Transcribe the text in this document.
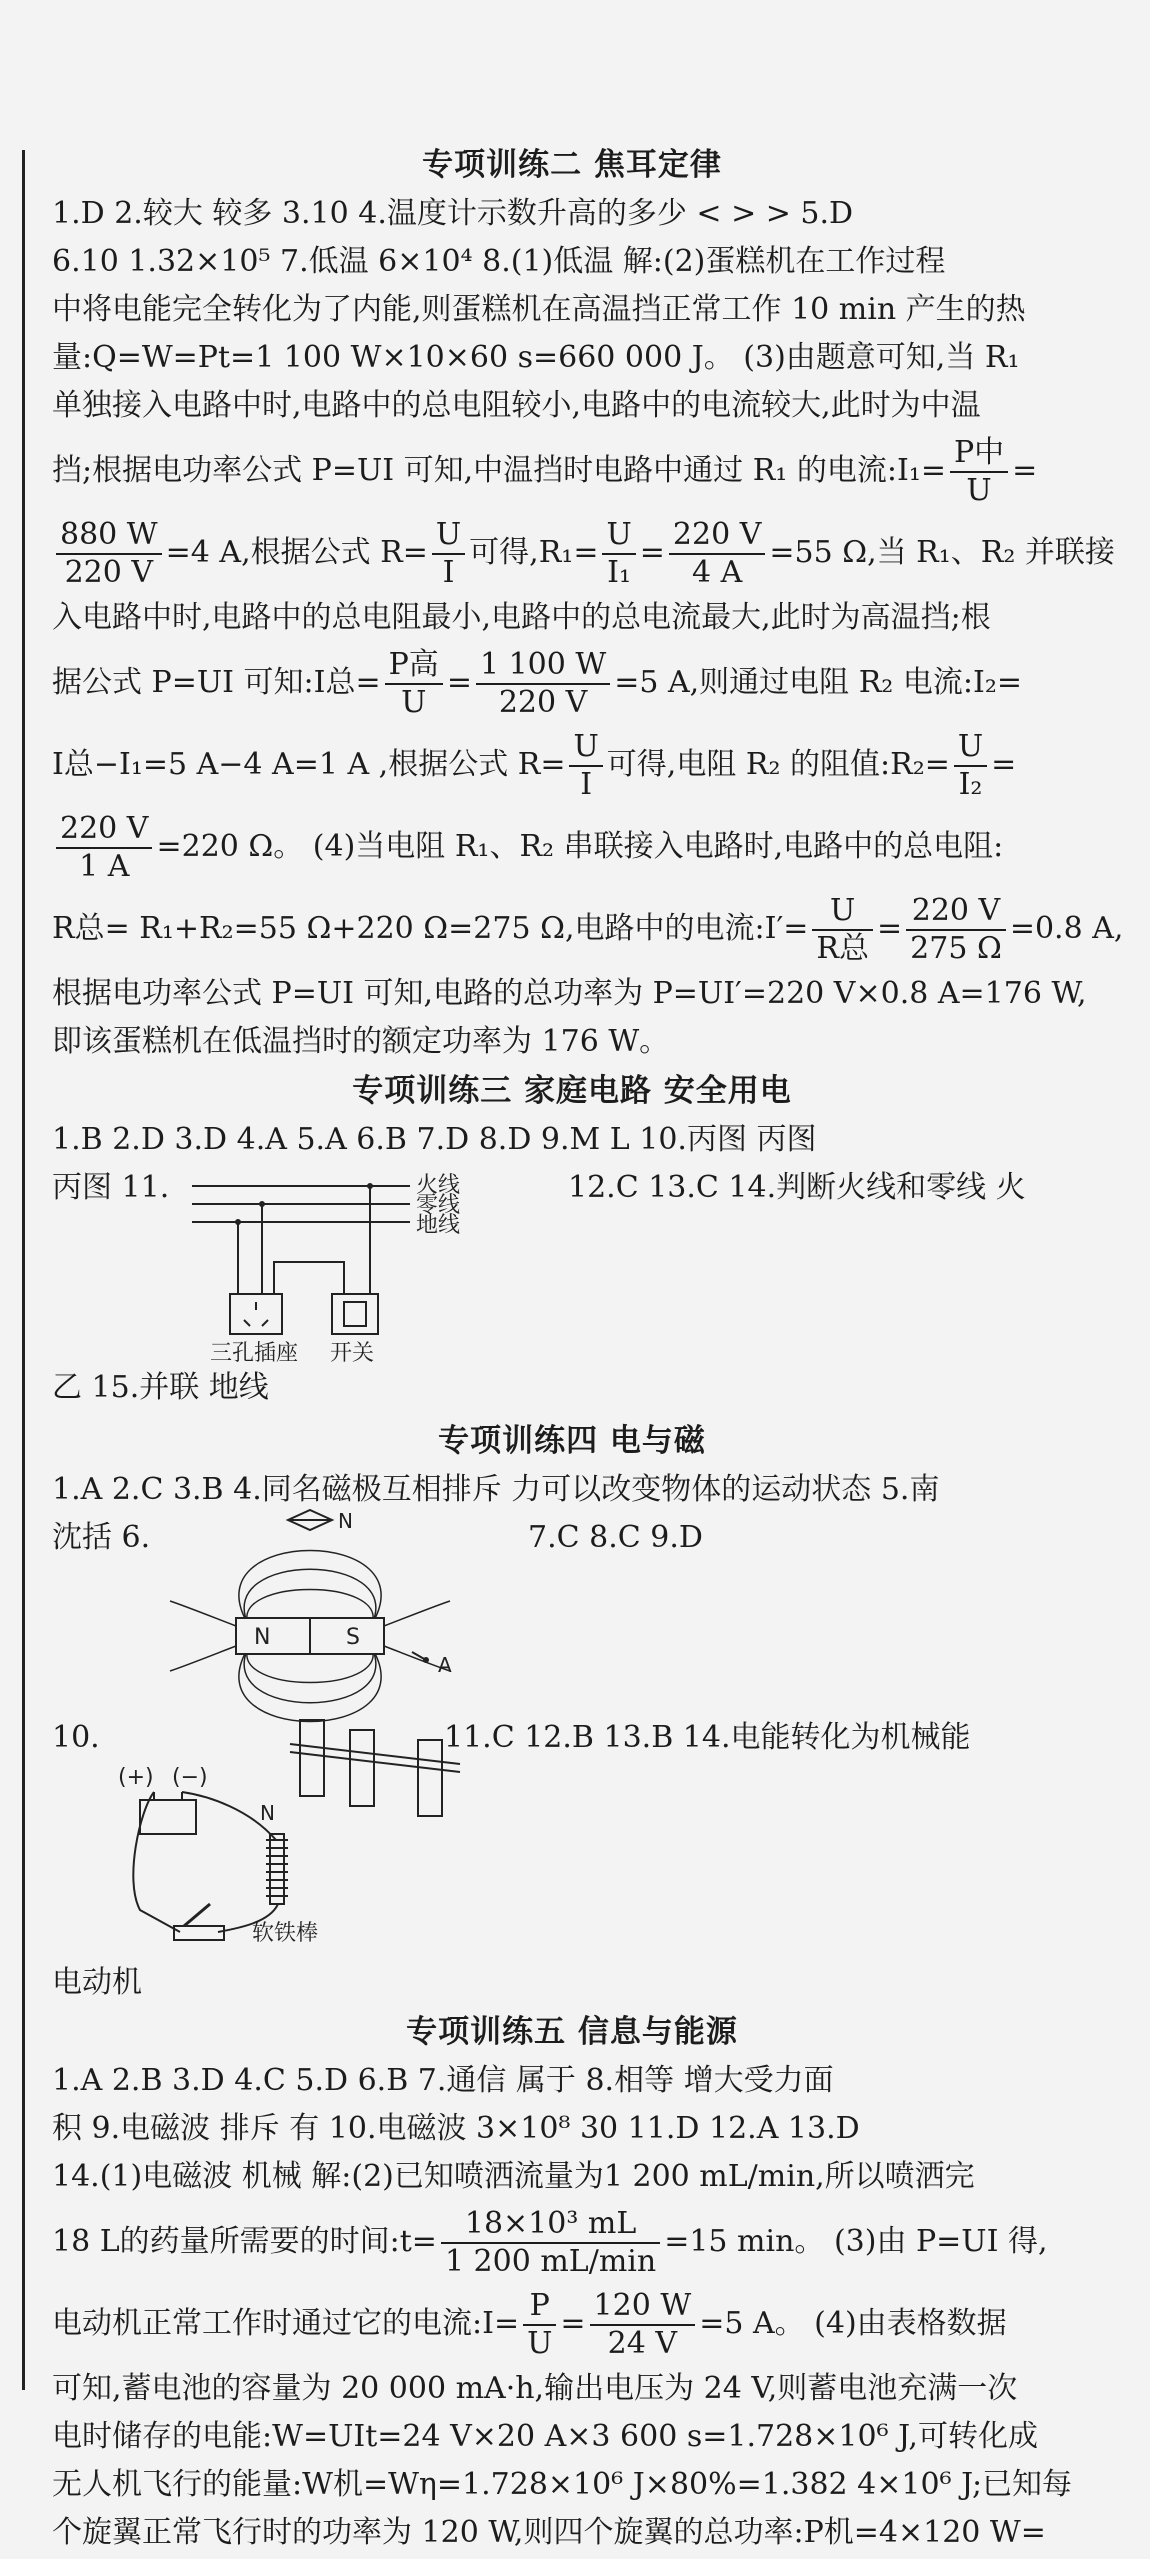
专项训练二 焦耳定律
1.D 2.较大 较多 3.10 4.温度计示数升高的多少 < > > 5.D
6.10 1.32×10⁵ 7.低温 6×10⁴ 8.(1)低温 解:(2)蛋糕机在工作过程
中将电能完全转化为了内能,则蛋糕机在高温挡正常工作 10 min 产生的热
量:Q=W=Pt=1 100 W×10×60 s=660 000 J。 (3)由题意可知,当 R₁
单独接入电路中时,电路中的总电阻较小,电路中的电流较大,此时为中温
挡;根据电功率公式 P=UI 可知,中温挡时电路中通过 R₁ 的电流:I₁= $\frac{\text{P中}}{U}$ =
$\frac{880 W}{220 V} =4$ A,根据公式 $R= \frac{U}{I}$ 可得$,R_1= \frac{U}{\text{I₁}} = \frac{220 V}{4 A} =55$ Ω,当 R₁、R₂ 并联接
入电路中时,电路中的总电阻最小,电路中的总电流最大,此时为高温挡;根
据公式 P=UI 可知:I总= $\frac{\text{P高}}{U} = \frac{1 100 W}{220 V} =5$ A,则通过电阻 R₂ 电流:I₂=
I总−I₁=5 A−4 A=1 A ,根据公式 $R= \frac{U}{I}$ 可得,电阻 R₂ 的阻值:R₂= $\frac{U}{\text{I₂}}$ =
$\frac{220 V}{1 A} =220$ Ω。 (4)当电阻 R₁、R₂ 串联接入电路时,电路中的总电阻:
R总= R₁+R₂=55 Ω+220 Ω=275 Ω,电路中的电流:I′= $\frac{U}{\text{R总}} = \frac{220 V}{275 \Omega} =0.8$ A,
根据电功率公式 P=UI 可知,电路的总功率为 P=UI′=220 V×0.8 A=176 W,
即该蛋糕机在低温挡时的额定功率为 176 W。
专项训练三 家庭电路 安全用电
1.B 2.D 3.D 4.A 5.A 6.B 7.D 8.D 9.M L 10.丙图 丙图
丙图 11.	火线
零线
地线
三孔插座 开关
12.C 13.C 14.判断火线和零线 火
乙 15.并联 地线
专项训练四 电与磁
1.A 2.C 3.B 4.同名磁极互相排斥 力可以改变物体的运动状态 5.南
沈括 6.	N
N	S
A
7.C 8.C 9.D
10.
(+) (−)
N
软铁棒
11.C 12.B 13.B 14.电能转化为机械能
电动机
专项训练五 信息与能源
1.A 2.B 3.D 4.C 5.D 6.B 7.通信 属于 8.相等 增大受力面
积 9.电磁波 排斥 有 10.电磁波 3×10⁸ 30 11.D 12.A 13.D
14.(1)电磁波 机械 解:(2)已知喷洒流量为1 200 mL/min,所以喷洒完
18 L的药量所需要的时间:t= $\frac{\text{18×10³ mL}}{1 200 mL/\min} =15$ min。 (3)由 P=UI 得,
电动机正常工作时通过它的电流:I= $\frac{P}{U} = \frac{120 W}{24 V} =5$ A。 (4)由表格数据
可知,蓄电池的容量为 20 000 mA·h,输出电压为 24 V,则蓄电池充满一次
电时储存的电能:W=UIt=24 V×20 A×3 600 s=1.728×10⁶ J,可转化成
无人机飞行的能量:W机=Wη=1.728×10⁶ J×80%=1.382 4×10⁶ J;已知每
个旋翼正常飞行时的功率为 120 W,则四个旋翼的总功率:P机=4×120 W=
